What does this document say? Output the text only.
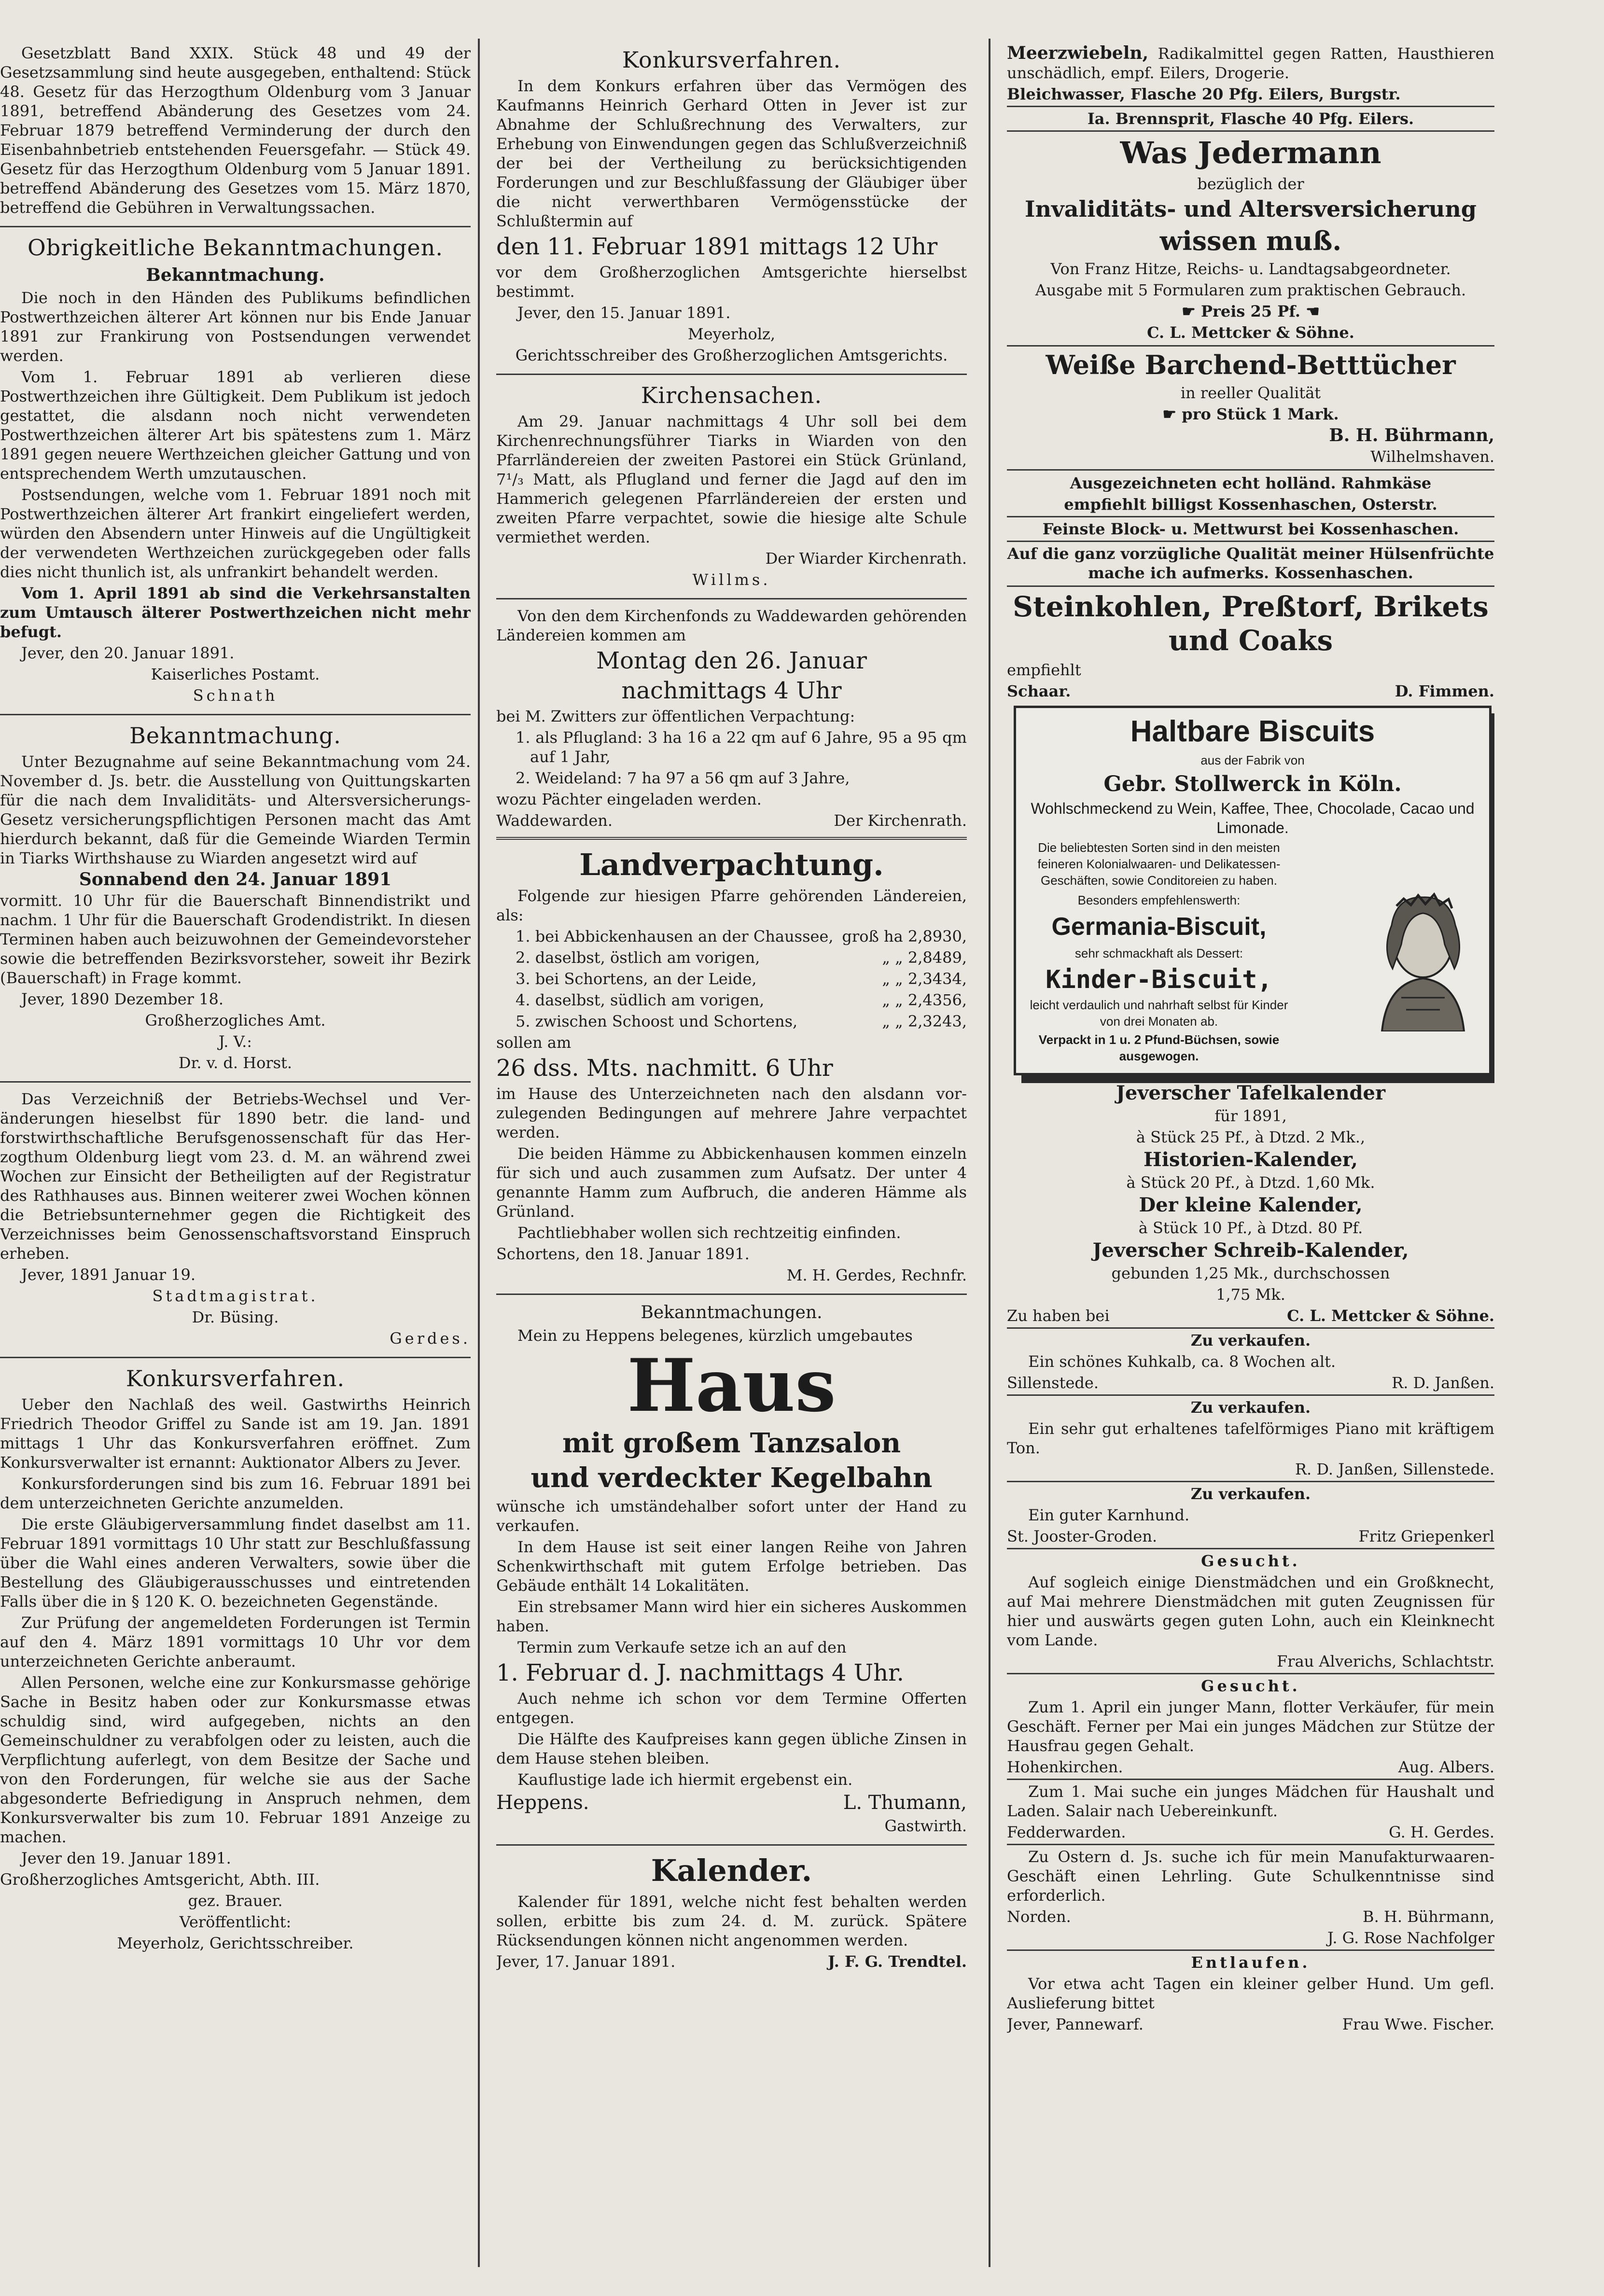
Gesetzblatt Band XXIX. Stück 48 und 49 der Gesetzsammlung sind heute ausgegeben, enthaltend: Stück 48. Gesetz für das Herzogthum Oldenburg vom 3 Januar 1891, betreffend Abänderung des Gesetzes vom 24. Februar 1879 betreffend Verminderung der durch den Eisenbahnbetrieb entstehenden Feuersgefahr. — Stück 49. Gesetz für das Herzogthum Oldenburg vom 5 Januar 1891. betreffend Abänderung des Gesetzes vom 15. März 1870, betreffend die Gebühren in Verwaltungssachen.

Obrigkeitliche Bekanntmachungen.
Bekanntmachung.

Die noch in den Händen des Publikums befindlichen Postwerthzeichen älterer Art können nur bis Ende Januar 1891 zur Frankirung von Postsendungen verwendet werden.

Vom 1. Februar 1891 ab verlieren diese Postwerthzeichen ihre Gültigkeit. Dem Publikum ist jedoch gestattet, die alsdann noch nicht verwendeten Postwerthzeichen älterer Art bis spätestens zum 1. März 1891 gegen neuere Werthzeichen gleicher Gattung und von entsprechendem Werth umzutauschen.

Postsendungen, welche vom 1. Februar 1891 noch mit Postwerthzeichen älterer Art frankirt eingeliefert werden, würden den Absendern unter Hinweis auf die Ungültigkeit der verwendeten Werthzeichen zurückgegeben oder falls dies nicht thunlich ist, als unfrankirt behandelt werden.

Vom 1. April 1891 ab sind die Verkehrsanstalten zum Umtausch älterer Postwerthzeichen nicht mehr befugt.

Jever, den 20. Januar 1891.

Kaiserliches Postamt.

Schnath

Bekanntmachung.

Unter Bezugnahme auf seine Bekanntmachung vom 24. November d. Js. betr. die Ausstellung von Quittungskarten für die nach dem Invaliditäts- und Altersversicherungs-Gesetz versicherungspflichtigen Personen macht das Amt hierdurch bekannt, daß für die Gemeinde Wiarden Termin in Tiarks Wirthshause zu Wiarden angesetzt wird auf

Sonnabend den 24. Januar 1891

vormitt. 10 Uhr für die Bauerschaft Binnendistrikt und nachm. 1 Uhr für die Bauerschaft Grodendistrikt. In diesen Terminen haben auch beizuwohnen der Gemeindevorsteher sowie die betreffenden Bezirksvorsteher, soweit ihr Bezirk (Bauerschaft) in Frage kommt.

Jever, 1890 Dezember 18.

Großherzogliches Amt.

J. V.:

Dr. v. d. Horst.

Das Verzeichniß der Betriebs-Wechsel und Veränderungen hieselbst für 1890 betr. die land- und forstwirthschaftliche Berufsgenossenschaft für das Herzogthum Oldenburg liegt vom 23. d. M. an während zwei Wochen zur Einsicht der Betheiligten auf der Registratur des Rathhauses aus. Binnen weiterer zwei Wochen können die Betriebsunternehmer gegen die Richtigkeit des Verzeichnisses beim Genossenschaftsvorstand Einspruch erheben.

Jever, 1891 Januar 19.

Stadtmagistrat.

Dr. Büsing.

Gerdes.

Konkursverfahren.

Ueber den Nachlaß des weil. Gastwirths Heinrich Friedrich Theodor Griffel zu Sande ist am 19. Jan. 1891 mittags 1 Uhr das Konkursverfahren eröffnet. Zum Konkursverwalter ist ernannt: Auktionator Albers zu Jever.

Konkursforderungen sind bis zum 16. Februar 1891 bei dem unterzeichneten Gerichte anzumelden.

Die erste Gläubigerversammlung findet daselbst am 11. Februar 1891 vormittags 10 Uhr statt zur Beschlußfassung über die Wahl eines anderen Verwalters, sowie über die Bestellung des Gläubigerausschusses und eintretenden Falls über die in § 120 K. O. bezeichneten Gegenstände.

Zur Prüfung der angemeldeten Forderungen ist Termin auf den 4. März 1891 vormittags 10 Uhr vor dem unterzeichneten Gerichte anberaumt.

Allen Personen, welche eine zur Konkursmasse gehörige Sache in Besitz haben oder zur Konkursmasse etwas schuldig sind, wird aufgegeben, nichts an den Gemeinschuldner zu verabfolgen oder zu leisten, auch die Verpflichtung auferlegt, von dem Besitze der Sache und von den Forderungen, für welche sie aus der Sache abgesonderte Befriedigung in Anspruch nehmen, dem Konkursverwalter bis zum 10. Februar 1891 Anzeige zu machen.

Jever den 19. Januar 1891.

Großherzogliches Amtsgericht, Abth. III.

gez. Brauer.

Veröffentlicht:

Meyerholz, Gerichtsschreiber.

Konkursverfahren.

In dem Konkurs erfahren über das Vermögen des Kaufmanns Heinrich Gerhard Otten in Jever ist zur Abnahme der Schlußrechnung des Verwalters, zur Erhebung von Einwendungen gegen das Schlußverzeichniß der bei der Vertheilung zu berücksichtigenden Forderungen und zur Beschlußfassung der Gläubiger über die nicht verwerthbaren Vermögensstücke der Schlußtermin auf

den 11. Februar 1891 mittags 12 Uhr

vor dem Großherzoglichen Amtsgerichte hierselbst bestimmt.

Jever, den 15. Januar 1891.

Meyerholz,

Gerichtsschreiber des Großherzoglichen Amtsgerichts.

Kirchensachen.

Am 29. Januar nachmittags 4 Uhr soll bei dem Kirchenrechnungsführer Tiarks in Wiarden von den Pfarrländereien der zweiten Pastorei ein Stück Grünland, 7¹/₃ Matt, als Pflugland und ferner die Jagd auf den im Hammerich gelegenen Pfarrländereien der ersten und zweiten Pfarre verpachtet, sowie die hiesige alte Schule vermiethet werden.

Der Wiarder Kirchenrath.

Willms.

Von den dem Kirchenfonds zu Waddewarden gehörenden Ländereien kommen am

Montag den 26. Januar

nachmittags 4 Uhr

bei M. Zwitters zur öffentlichen Verpachtung:

1. als Pflugland: 3 ha 16 a 22 qm auf 6 Jahre, 95 a 95 qm auf 1 Jahr,

2. Weideland: 7 ha 97 a 56 qm auf 3 Jahre,

wozu Pächter eingeladen werden.

Waddewarden.	Der Kirchenrath.
Landverpachtung.

Folgende zur hiesigen Pfarre gehörenden Ländereien, als:

1. bei Abbickenhausen an der Chaussee, groß ha 2,8930,
2. daselbst, östlich am vorigen,	„ „ 2,8489,
3. bei Schortens, an der Leide,	„ „ 2,3434,
4. daselbst, südlich am vorigen,	„ „ 2,4356,
5. zwischen Schoost und Schortens,	„ „ 2,3243,

sollen am

26 dss. Mts. nachmitt. 6 Uhr

im Hause des Unterzeichneten nach den alsdann vorzulegenden Bedingungen auf mehrere Jahre verpachtet werden.

Die beiden Hämme zu Abbickenhausen kommen einzeln für sich und auch zusammen zum Aufsatz. Der unter 4 genannte Hamm zum Aufbruch, die anderen Hämme als Grünland.

Pachtliebhaber wollen sich rechtzeitig einfinden.

Schortens, den 18. Januar 1891.

M. H. Gerdes, Rechnfr.

Bekanntmachungen.

Mein zu Heppens belegenes, kürzlich umgebautes

Haus
mit großem Tanzsalon
und verdeckter Kegelbahn

wünsche ich umständehalber sofort unter der Hand zu verkaufen.

In dem Hause ist seit einer langen Reihe von Jahren Schenkwirthschaft mit gutem Erfolge betrieben. Das Gebäude enthält 14 Lokalitäten.

Ein strebsamer Mann wird hier ein sicheres Auskommen haben.

Termin zum Verkaufe setze ich an auf den

1. Februar d. J. nachmittags 4 Uhr.

Auch nehme ich schon vor dem Termine Offerten entgegen.

Die Hälfte des Kaufpreises kann gegen übliche Zinsen in dem Hause stehen bleiben.

Kauflustige lade ich hiermit ergebenst ein.

Heppens.	L. Thumann,

Gastwirth.

Kalender.

Kalender für 1891, welche nicht fest behalten werden sollen, erbitte bis zum 24. d. M. zurück. Spätere Rücksendungen können nicht angenommen werden.

Jever, 17. Januar 1891.	J. F. G. Trendtel.

Meerzwiebeln, Radikalmittel gegen Ratten, Hausthieren unschädlich, empf. Eilers, Drogerie.

Bleichwasser, Flasche 20 Pfg. Eilers, Burgstr.

Ia. Brennsprit, Flasche 40 Pfg. Eilers.

Was Jedermann

bezüglich der

Invaliditäts- und Altersversicherung
wissen muß.

Von Franz Hitze, Reichs- u. Landtagsabgeordneter.

Ausgabe mit 5 Formularen zum praktischen Gebrauch.

☛ Preis 25 Pf. ☚

C. L. Mettcker & Söhne.

Weiße Barchend-Betttücher

in reeller Qualität

☛ pro Stück 1 Mark.

B. H. Bührmann,

Wilhelmshaven.

Ausgezeichneten echt holländ. Rahmkäse

empfiehlt billigst Kossenhaschen, Osterstr.

Feinste Block- u. Mettwurst bei Kossenhaschen.

Auf die ganz vorzügliche Qualität meiner Hülsenfrüchte mache ich aufmerks. Kossenhaschen.

Steinkohlen, Preßtorf, Brikets und Coaks

empfiehlt

Schaar.	D. Fimmen.

Haltbare Biscuits

aus der Fabrik von

Gebr. Stollwerck in Köln.

Wohlschmeckend zu Wein, Kaffee, Thee, Chocolade, Cacao und Limonade.

Die beliebtesten Sorten sind in den meisten feineren Kolonialwaaren- und Delikatessen-Geschäften, sowie Conditoreien zu haben.

Besonders empfehlenswerth:

Germania-Biscuit,

sehr schmackhaft als Dessert:

Kinder-Biscuit,

leicht verdaulich und nahrhaft selbst für Kinder von drei Monaten ab.

Verpackt in 1 u. 2 Pfund-Büchsen, sowie ausgewogen.

Jeverscher Tafelkalender

für 1891,

à Stück 25 Pf., à Dtzd. 2 Mk.,

Historien-Kalender,

à Stück 20 Pf., à Dtzd. 1,60 Mk.

Der kleine Kalender,

à Stück 10 Pf., à Dtzd. 80 Pf.

Jeverscher Schreib-Kalender,

gebunden 1,25 Mk., durchschossen

1,75 Mk.

Zu haben bei	C. L. Mettcker & Söhne.

Zu verkaufen.

Ein schönes Kuhkalb, ca. 8 Wochen alt.

Sillenstede.	R. D. Janßen.

Zu verkaufen.

Ein sehr gut erhaltenes tafelförmiges Piano mit kräftigem Ton.

R. D. Janßen, Sillenstede.

Zu verkaufen.

Ein guter Karnhund.

St. Jooster-Groden.	Fritz Griepenkerl

Gesucht.

Auf sogleich einige Dienstmädchen und ein Großknecht, auf Mai mehrere Dienstmädchen mit guten Zeugnissen für hier und auswärts gegen guten Lohn, auch ein Kleinknecht vom Lande.

Frau Alverichs, Schlachtstr.

Gesucht.

Zum 1. April ein junger Mann, flotter Verkäufer, für mein Geschäft. Ferner per Mai ein junges Mädchen zur Stütze der Hausfrau gegen Gehalt.

Hohenkirchen.	Aug. Albers.

Zum 1. Mai suche ein junges Mädchen für Haushalt und Laden. Salair nach Uebereinkunft.

Fedderwarden.	G. H. Gerdes.

Zu Ostern d. Js. suche ich für mein Manufakturwaaren-Geschäft einen Lehrling. Gute Schulkenntnisse sind erforderlich.

Norden.	B. H. Bührmann,

J. G. Rose Nachfolger

Entlaufen.

Vor etwa acht Tagen ein kleiner gelber Hund. Um gefl. Auslieferung bittet

Jever, Pannewarf.	Frau Wwe. Fischer.
